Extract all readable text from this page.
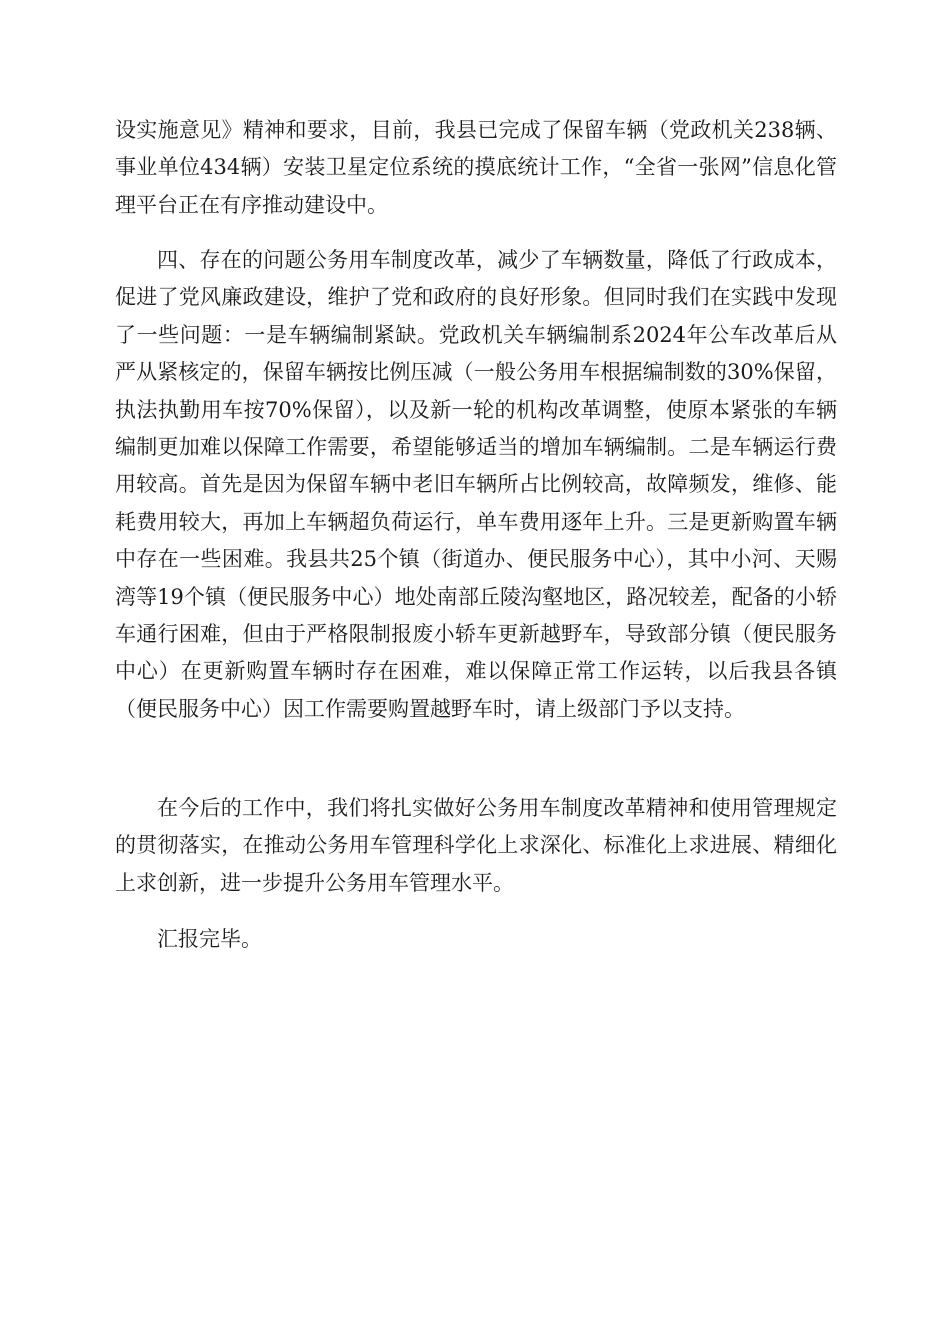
设实施意见》精神和要求，目前，我县已完成了保留车辆（党政机关238辆、事业单位434辆）安装卫星定位系统的摸底统计工作，“全省一张网”信息化管理平台正在有序推动建设中。

四、存在的问题公务用车制度改革，减少了车辆数量，降低了行政成本，促进了党风廉政建设，维护了党和政府的良好形象。但同时我们在实践中发现了一些问题：一是车辆编制紧缺。党政机关车辆编制系2024年公车改革后从严从紧核定的，保留车辆按比例压减（一般公务用车根据编制数的30%保留，执法执勤用车按70%保留），以及新一轮的机构改革调整，使原本紧张的车辆编制更加难以保障工作需要，希望能够适当的增加车辆编制。二是车辆运行费用较高。首先是因为保留车辆中老旧车辆所占比例较高，故障频发，维修、能耗费用较大，再加上车辆超负荷运行，单车费用逐年上升。三是更新购置车辆中存在一些困难。我县共25个镇（街道办、便民服务中心），其中小河、天赐湾等19个镇（便民服务中心）地处南部丘陵沟壑地区，路况较差，配备的小轿车通行困难，但由于严格限制报废小轿车更新越野车，导致部分镇（便民服务中心）在更新购置车辆时存在困难，难以保障正常工作运转，以后我县各镇（便民服务中心）因工作需要购置越野车时，请上级部门予以支持。

在今后的工作中，我们将扎实做好公务用车制度改革精神和使用管理规定的贯彻落实，在推动公务用车管理科学化上求深化、标准化上求进展、精细化上求创新，进一步提升公务用车管理水平。

汇报完毕。
